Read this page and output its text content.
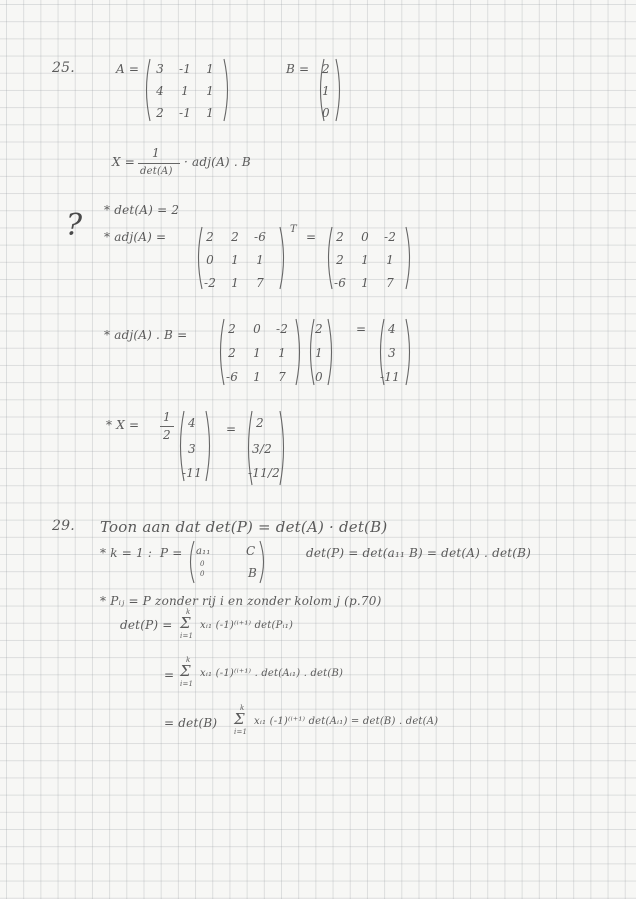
25.	A =	3 -1 1
4 1 1
2 -1 1
B = 2
1
0
X =
1
det(A)
· adj(A) . B
? * det(A) = 2
* adj(A) =	2 2 -6
0 1 1
-2 1 7
T
=	2 0 -2
2 1 1
-6 1 7
* adj(A) . B =	2 0 -2
2 1 1
-6 1 7
2
1
0
= 4
3
-11
* X =
1
2
4
3
-11
= 2
3/2
-11/2
29. Toon aan dat det(P) = det(A) · det(B)
* k = 1 : P = a₁₁	C
0
0	B
det(P) = det(a₁₁ B) = det(A) . det(B)
* Pᵢⱼ = P zonder rij i en zonder kolom j (p.70)
det(P) =
k
Σ
i=1
xᵢ₁ (-1)⁽ⁱ⁺¹⁾ det(Pᵢ₁)
=
k
Σ
i=1
xᵢ₁ (-1)⁽ⁱ⁺¹⁾ . det(Aᵢ₁) . det(B)
= det(B)
k
Σ
i=1
xᵢ₁ (-1)⁽ⁱ⁺¹⁾ det(Aᵢ₁) = det(B) . det(A)
